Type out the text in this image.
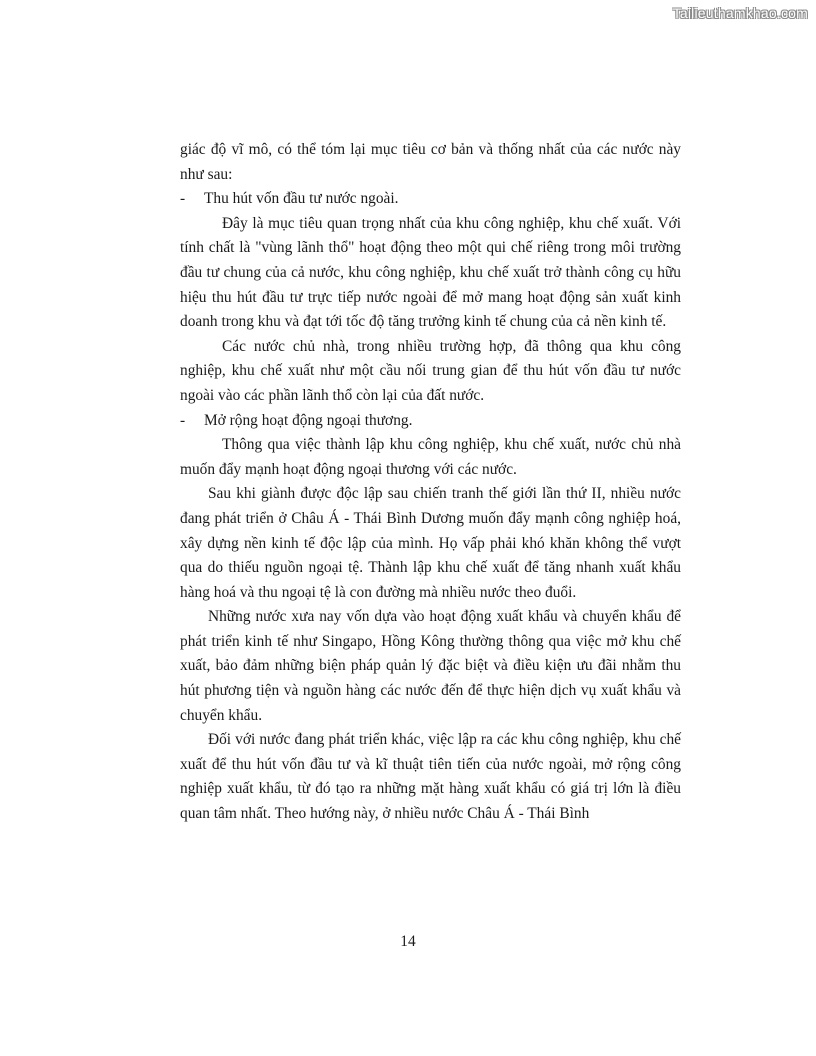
Tailieuthamkhao.com

giác độ vĩ mô, có thể tóm lại mục tiêu cơ bản và thống nhất của các nước này như sau:

- Thu hút vốn đầu tư nước ngoài.

Đây là mục tiêu quan trọng nhất của khu công nghiệp, khu chế xuất. Với tính chất là "vùng lãnh thổ" hoạt động theo một qui chế riêng trong môi trường đầu tư chung của cả nước, khu công nghiệp, khu chế xuất trở thành công cụ hữu hiệu thu hút đầu tư trực tiếp nước ngoài để mở mang hoạt động sản xuất kinh doanh trong khu và đạt tới tốc độ tăng trưởng kinh tế chung của cả nền kinh tế.

Các nước chủ nhà, trong nhiều trường hợp, đã thông qua khu công nghiệp, khu chế xuất như một cầu nối trung gian để thu hút vốn đầu tư nước ngoài vào các phần lãnh thổ còn lại của đất nước.

- Mở rộng hoạt động ngoại thương.

Thông qua việc thành lập khu công nghiệp, khu chế xuất, nước chủ nhà muốn đẩy mạnh hoạt động ngoại thương với các nước.

Sau khi giành được độc lập sau chiến tranh thế giới lần thứ II, nhiều nước đang phát triển ở Châu Á - Thái Bình Dương muốn đẩy mạnh công nghiệp hoá, xây dựng nền kinh tế độc lập của mình. Họ vấp phải khó khăn không thể vượt qua do thiếu nguồn ngoại tệ. Thành lập khu chế xuất để tăng nhanh xuất khẩu hàng hoá và thu ngoại tệ là con đường mà nhiều nước theo đuổi.

Những nước xưa nay vốn dựa vào hoạt động xuất khẩu và chuyển khẩu để phát triển kinh tế như Singapo, Hồng Kông thường thông qua việc mở khu chế xuất, bảo đảm những biện pháp quản lý đặc biệt và điều kiện ưu đãi nhằm thu hút phương tiện và nguồn hàng các nước đến để thực hiện dịch vụ xuất khẩu và chuyển khẩu.

Đối với nước đang phát triển khác, việc lập ra các khu công nghiệp, khu chế xuất để thu hút vốn đầu tư và kĩ thuật tiên tiến của nước ngoài, mở rộng công nghiệp xuất khẩu, từ đó tạo ra những mặt hàng xuất khẩu có giá trị lớn là điều quan tâm nhất. Theo hướng này, ở nhiều nước Châu Á - Thái Bình

14
